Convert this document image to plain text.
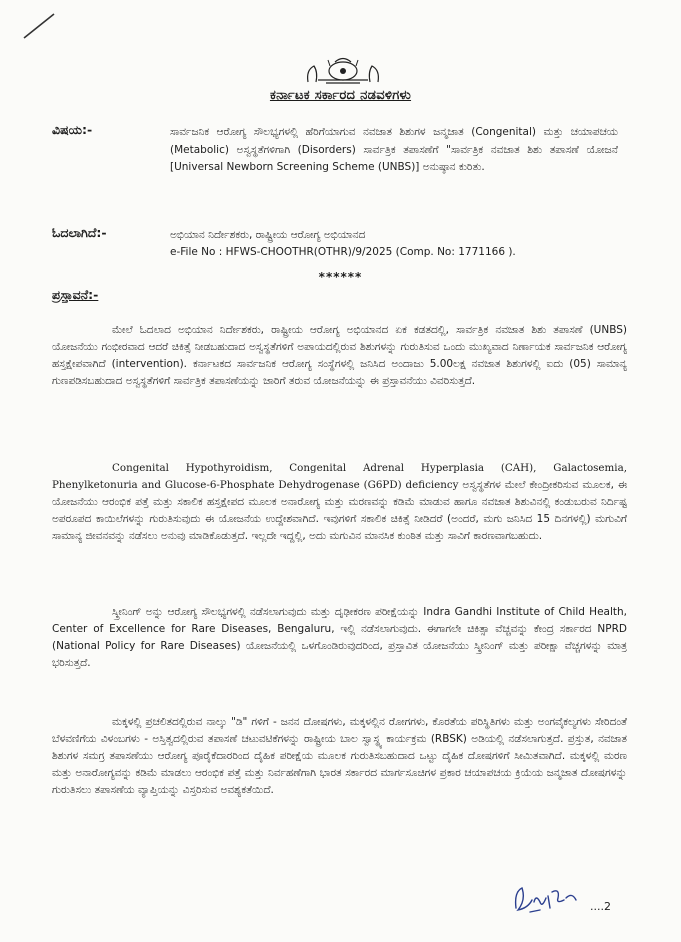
ಕರ್ನಾಟಕ ಸರ್ಕಾರದ ನಡವಳಿಗಳು
ವಿಷಯ:-	ಸಾರ್ವಜನಿಕ ಆರೋಗ್ಯ ಸೌಲಭ್ಯಗಳಲ್ಲಿ ಹೆರಿಗೆಯಾಗುವ ನವಜಾತ ಶಿಶುಗಳ ಜನ್ಮಜಾತ (Congenital) ಮತ್ತು ಚಯಾಪಚಯ (Metabolic) ಅಸ್ವಸ್ಥತೆಗಳಿಗಾಗಿ (Disorders) ಸಾರ್ವತ್ರಿಕ ತಪಾಸಣೆಗೆ "ಸಾರ್ವತ್ರಿಕ ನವಜಾತ ಶಿಶು ತಪಾಸಣೆ ಯೋಜನೆ [Universal Newborn Screening Scheme (UNBS)] ಅನುಷ್ಠಾನ ಕುರಿತು.
ಓದಲಾಗಿದೆ:-	ಅಭಿಯಾನ ನಿರ್ದೇಶಕರು, ರಾಷ್ಟ್ರೀಯ ಆರೋಗ್ಯ ಅಭಿಯಾನದ
e-File No : HFWS-CHOOTHR(OTHR)/9/2025 (Comp. No: 1771166 ).
******
ಪ್ರಸ್ತಾವನೆ:-
ಮೇಲೆ ಓದಲಾದ ಅಭಿಯಾನ ನಿರ್ದೇಶಕರು, ರಾಷ್ಟ್ರೀಯ ಆರೋಗ್ಯ ಅಭಿಯಾನದ ಏಕ ಕಡತದಲ್ಲಿ, ಸಾರ್ವತ್ರಿಕ ನವಜಾತ ಶಿಶು ತಪಾಸಣೆ (UNBS) ಯೋಜನೆಯು ಗಂಭೀರವಾದ ಆದರೆ ಚಿಕಿತ್ಸೆ ನೀಡಬಹುದಾದ ಅಸ್ವಸ್ಥತೆಗಳಿಗೆ ಅಪಾಯದಲ್ಲಿರುವ ಶಿಶುಗಳನ್ನು ಗುರುತಿಸುವ ಒಂದು ಮುಖ್ಯವಾದ ನಿರ್ಣಾಯಕ ಸಾರ್ವಜನಿಕ ಆರೋಗ್ಯ ಹಸ್ತಕ್ಷೇಪವಾಗಿದೆ (intervention). ಕರ್ನಾಟಕದ ಸಾರ್ವಜನಿಕ ಆರೋಗ್ಯ ಸಂಸ್ಥೆಗಳಲ್ಲಿ ಜನಿಸಿದ ಅಂದಾಜು 5.00ಲಕ್ಷ ನವಜಾತ ಶಿಶುಗಳಲ್ಲಿ ಐದು (05) ಸಾಮಾನ್ಯ ಗುಣಪಡಿಸಬಹುದಾದ ಅಸ್ವಸ್ಥತೆಗಳಿಗೆ ಸಾರ್ವತ್ರಿಕ ತಪಾಸಣೆಯನ್ನು ಜಾರಿಗೆ ತರುವ ಯೋಜನೆಯನ್ನು ಈ ಪ್ರಸ್ತಾವನೆಯು ವಿವರಿಸುತ್ತದೆ.
Congenital Hypothyroidism, Congenital Adrenal Hyperplasia (CAH), Galactosemia, Phenylketonuria and Glucose-6-Phosphate Dehydrogenase (G6PD) deficiency ಅಸ್ವಸ್ಥತೆಗಳ ಮೇಲೆ ಕೇಂದ್ರೀಕರಿಸುವ ಮೂಲಕ, ಈ ಯೋಜನೆಯು ಆರಂಭಿಕ ಪತ್ತೆ ಮತ್ತು ಸಕಾಲಿಕ ಹಸ್ತಕ್ಷೇಪದ ಮೂಲಕ ಅನಾರೋಗ್ಯ ಮತ್ತು ಮರಣವನ್ನು ಕಡಿಮೆ ಮಾಡುವ ಹಾಗೂ ನವಜಾತ ಶಿಶುವಿನಲ್ಲಿ ಕಂಡುಬರುವ ನಿರ್ದಿಷ್ಟ ಅಪರೂಪದ ಕಾಯಿಲೆಗಳನ್ನು ಗುರುತಿಸುವುದು ಈ ಯೋಜನೆಯ ಉದ್ದೇಶವಾಗಿದೆ. ಇವುಗಳಿಗೆ ಸಕಾಲಿಕ ಚಿಕಿತ್ಸೆ ನೀಡಿದರೆ (ಅಂದರೆ, ಮಗು ಜನಿಸಿದ 15 ದಿನಗಳಲ್ಲಿ) ಮಗುವಿಗೆ ಸಾಮಾನ್ಯ ಜೀವನವನ್ನು ನಡೆಸಲು ಅನುವು ಮಾಡಿಕೊಡುತ್ತದೆ. ಇಲ್ಲದೇ ಇದ್ದಲ್ಲಿ, ಅದು ಮಗುವಿನ ಮಾನಸಿಕ ಕುಂಠಿತ ಮತ್ತು ಸಾವಿಗೆ ಕಾರಣವಾಗಬಹುದು.
ಸ್ಕ್ರೀನಿಂಗ್ ಅನ್ನು ಆರೋಗ್ಯ ಸೌಲಭ್ಯಗಳಲ್ಲಿ ನಡೆಸಲಾಗುವುದು ಮತ್ತು ದೃಢೀಕರಣ ಪರೀಕ್ಷೆಯನ್ನು Indra Gandhi Institute of Child Health, Center of Excellence for Rare Diseases, Bengaluru, ಇಲ್ಲಿ ನಡೆಸಲಾಗುವುದು. ಈಗಾಗಲೇ ಚಿಕಿತ್ಸಾ ವೆಚ್ಚವನ್ನು ಕೇಂದ್ರ ಸರ್ಕಾರದ NPRD (National Policy for Rare Diseases) ಯೋಜನೆಯಲ್ಲಿ ಒಳಗೊಂಡಿರುವುದರಿಂದ, ಪ್ರಸ್ತಾವಿತ ಯೋಜನೆಯು ಸ್ಕ್ರೀನಿಂಗ್ ಮತ್ತು ಪರೀಕ್ಷಾ ವೆಚ್ಚಗಳನ್ನು ಮಾತ್ರ ಭರಿಸುತ್ತದೆ.
ಮಕ್ಕಳಲ್ಲಿ ಪ್ರಚಲಿತದಲ್ಲಿರುವ ನಾಲ್ಕು "ಡಿ" ಗಳಿಗೆ - ಜನನ ದೋಷಗಳು, ಮಕ್ಕಳಲ್ಲಿನ ರೋಗಗಳು, ಕೊರತೆಯ ಪರಿಸ್ಥಿತಿಗಳು ಮತ್ತು ಅಂಗವೈಕಲ್ಯಗಳು ಸೇರಿದಂತೆ ಬೆಳವಣಿಗೆಯ ವಿಳಂಬಗಳು - ಅಸ್ತಿತ್ವದಲ್ಲಿರುವ ತಪಾಸಣೆ ಚಟುವಟಿಕೆಗಳನ್ನು ರಾಷ್ಟ್ರೀಯ ಬಾಲ ಸ್ವಾಸ್ಥ್ಯ ಕಾರ್ಯಕ್ರಮ (RBSK) ಅಡಿಯಲ್ಲಿ ನಡೆಸಲಾಗುತ್ತದೆ. ಪ್ರಸ್ತುತ, ನವಜಾತ ಶಿಶುಗಳ ಸಮಗ್ರ ತಪಾಸಣೆಯು ಆರೋಗ್ಯ ಪೂರೈಕೆದಾರರಿಂದ ದೈಹಿಕ ಪರೀಕ್ಷೆಯ ಮೂಲಕ ಗುರುತಿಸಬಹುದಾದ ಒಟ್ಟು ದೈಹಿಕ ದೋಷಗಳಿಗೆ ಸೀಮಿತವಾಗಿದೆ. ಮಕ್ಕಳಲ್ಲಿ ಮರಣ ಮತ್ತು ಅನಾರೋಗ್ಯವನ್ನು ಕಡಿಮೆ ಮಾಡಲು ಆರಂಭಿಕ ಪತ್ತೆ ಮತ್ತು ನಿರ್ವಹಣೆಗಾಗಿ ಭಾರತ ಸರ್ಕಾರದ ಮಾರ್ಗಸೂಚಿಗಳ ಪ್ರಕಾರ ಚಯಾಪಚಯ ಕ್ರಿಯೆಯ ಜನ್ಮಜಾತ ದೋಷಗಳನ್ನು ಗುರುತಿಸಲು ತಪಾಸಣೆಯ ವ್ಯಾಪ್ತಿಯನ್ನು ವಿಸ್ತರಿಸುವ ಅವಶ್ಯಕತೆಯಿದೆ.
....2
